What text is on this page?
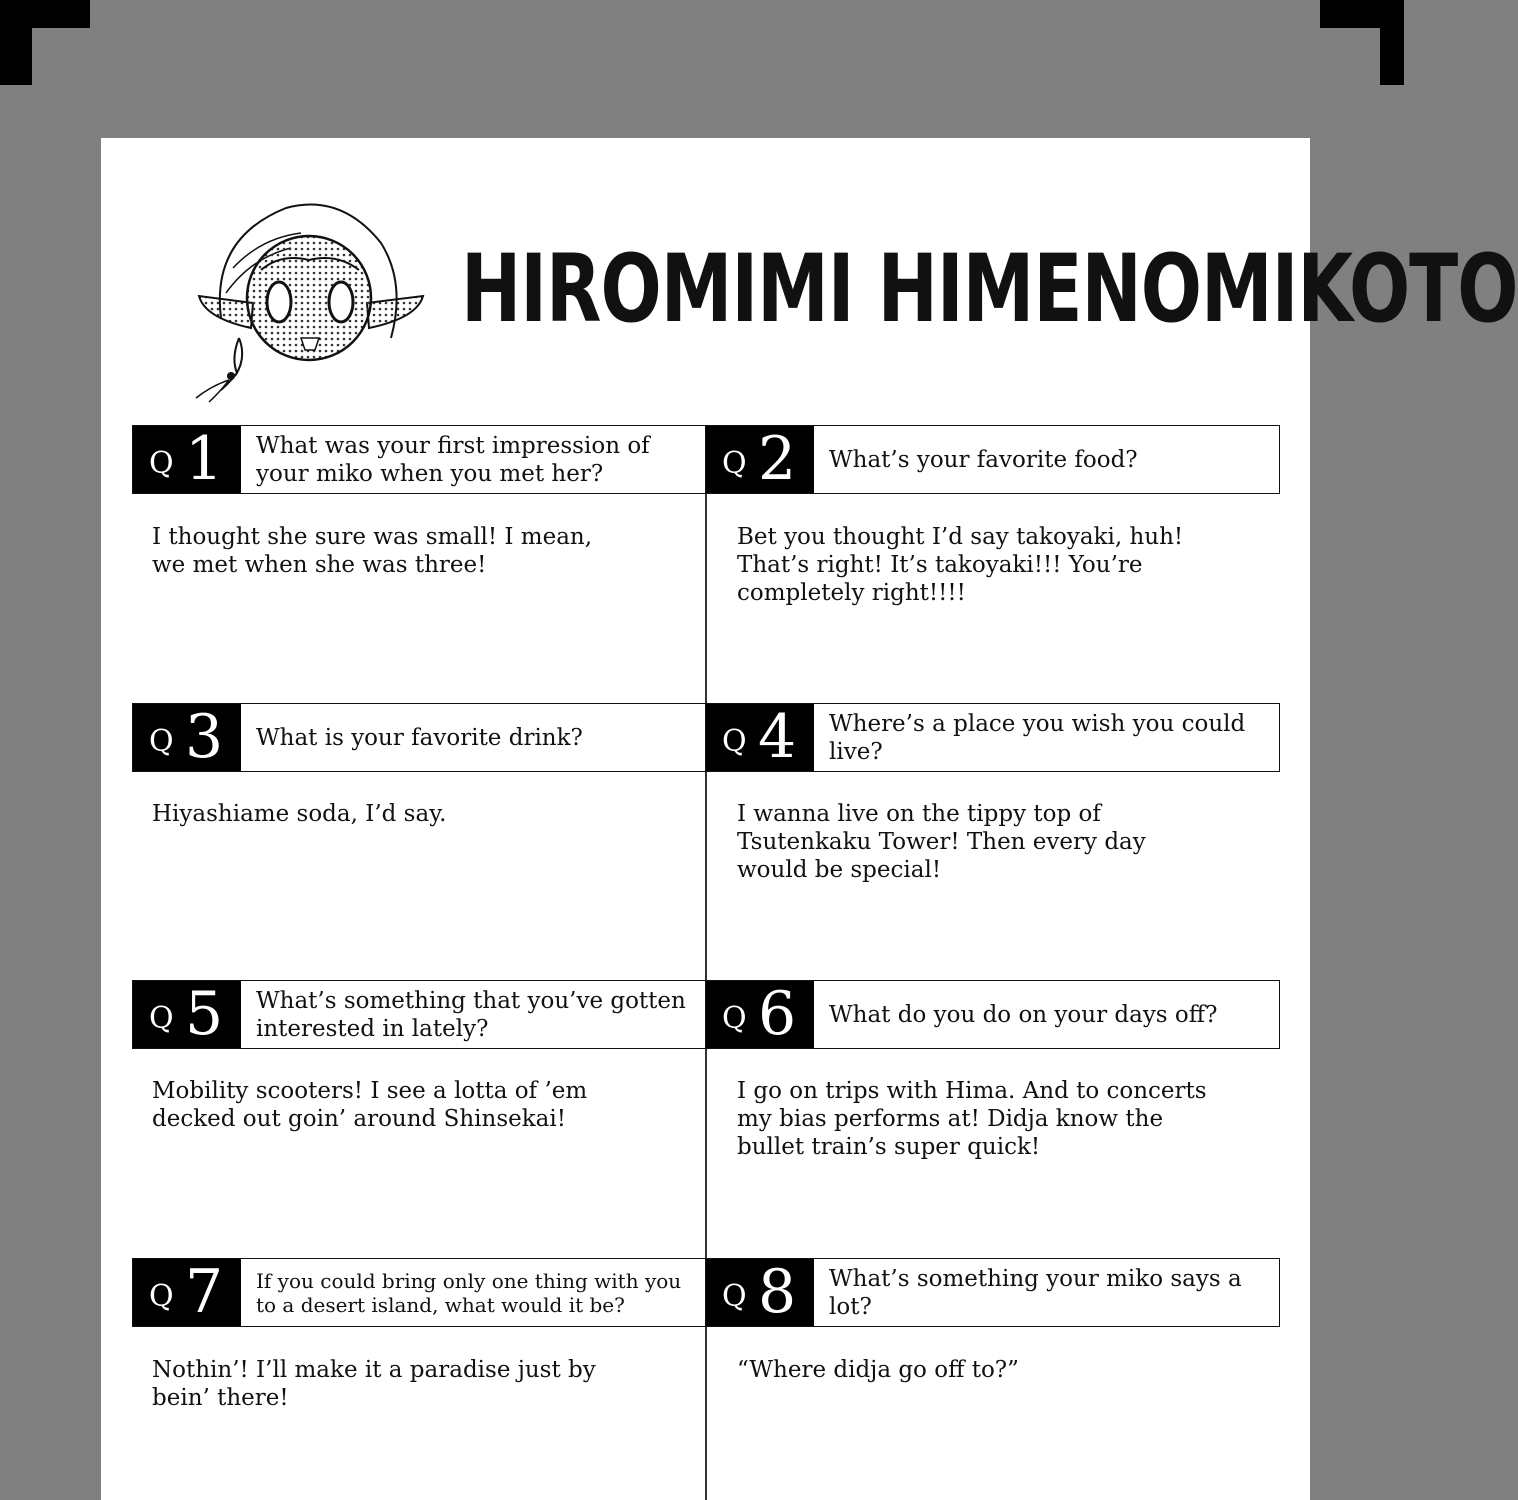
HIROMIMI HIMENOMIKOTO
Q 1 What was your first impression of your miko when you met her?	Q 2 What’s your favorite food?
I thought she sure was small! I mean, we met when she was three!
Bet you thought I’d say takoyaki, huh! That’s right! It’s takoyaki!!! You’re completely right!!!!
Q 3 What is your favorite drink?	Q 4 Where’s a place you wish you could live?
Hiyashiame soda, I’d say.	I wanna live on the tippy top of Tsutenkaku Tower! Then every day would be special!
Q 5 What’s something that you’ve gotten interested in lately?	Q 6 What do you do on your days off?
Mobility scooters! I see a lotta of ’em decked out goin’ around Shinsekai!
I go on trips with Hima. And to concerts my bias performs at! Didja know the bullet train’s super quick!
Q 7 If you could bring only one thing with you to a desert island, what would it be?	Q 8 What’s something your miko says a lot?
Nothin’! I’ll make it a paradise just by bein’ there!
“Where didja go off to?”
